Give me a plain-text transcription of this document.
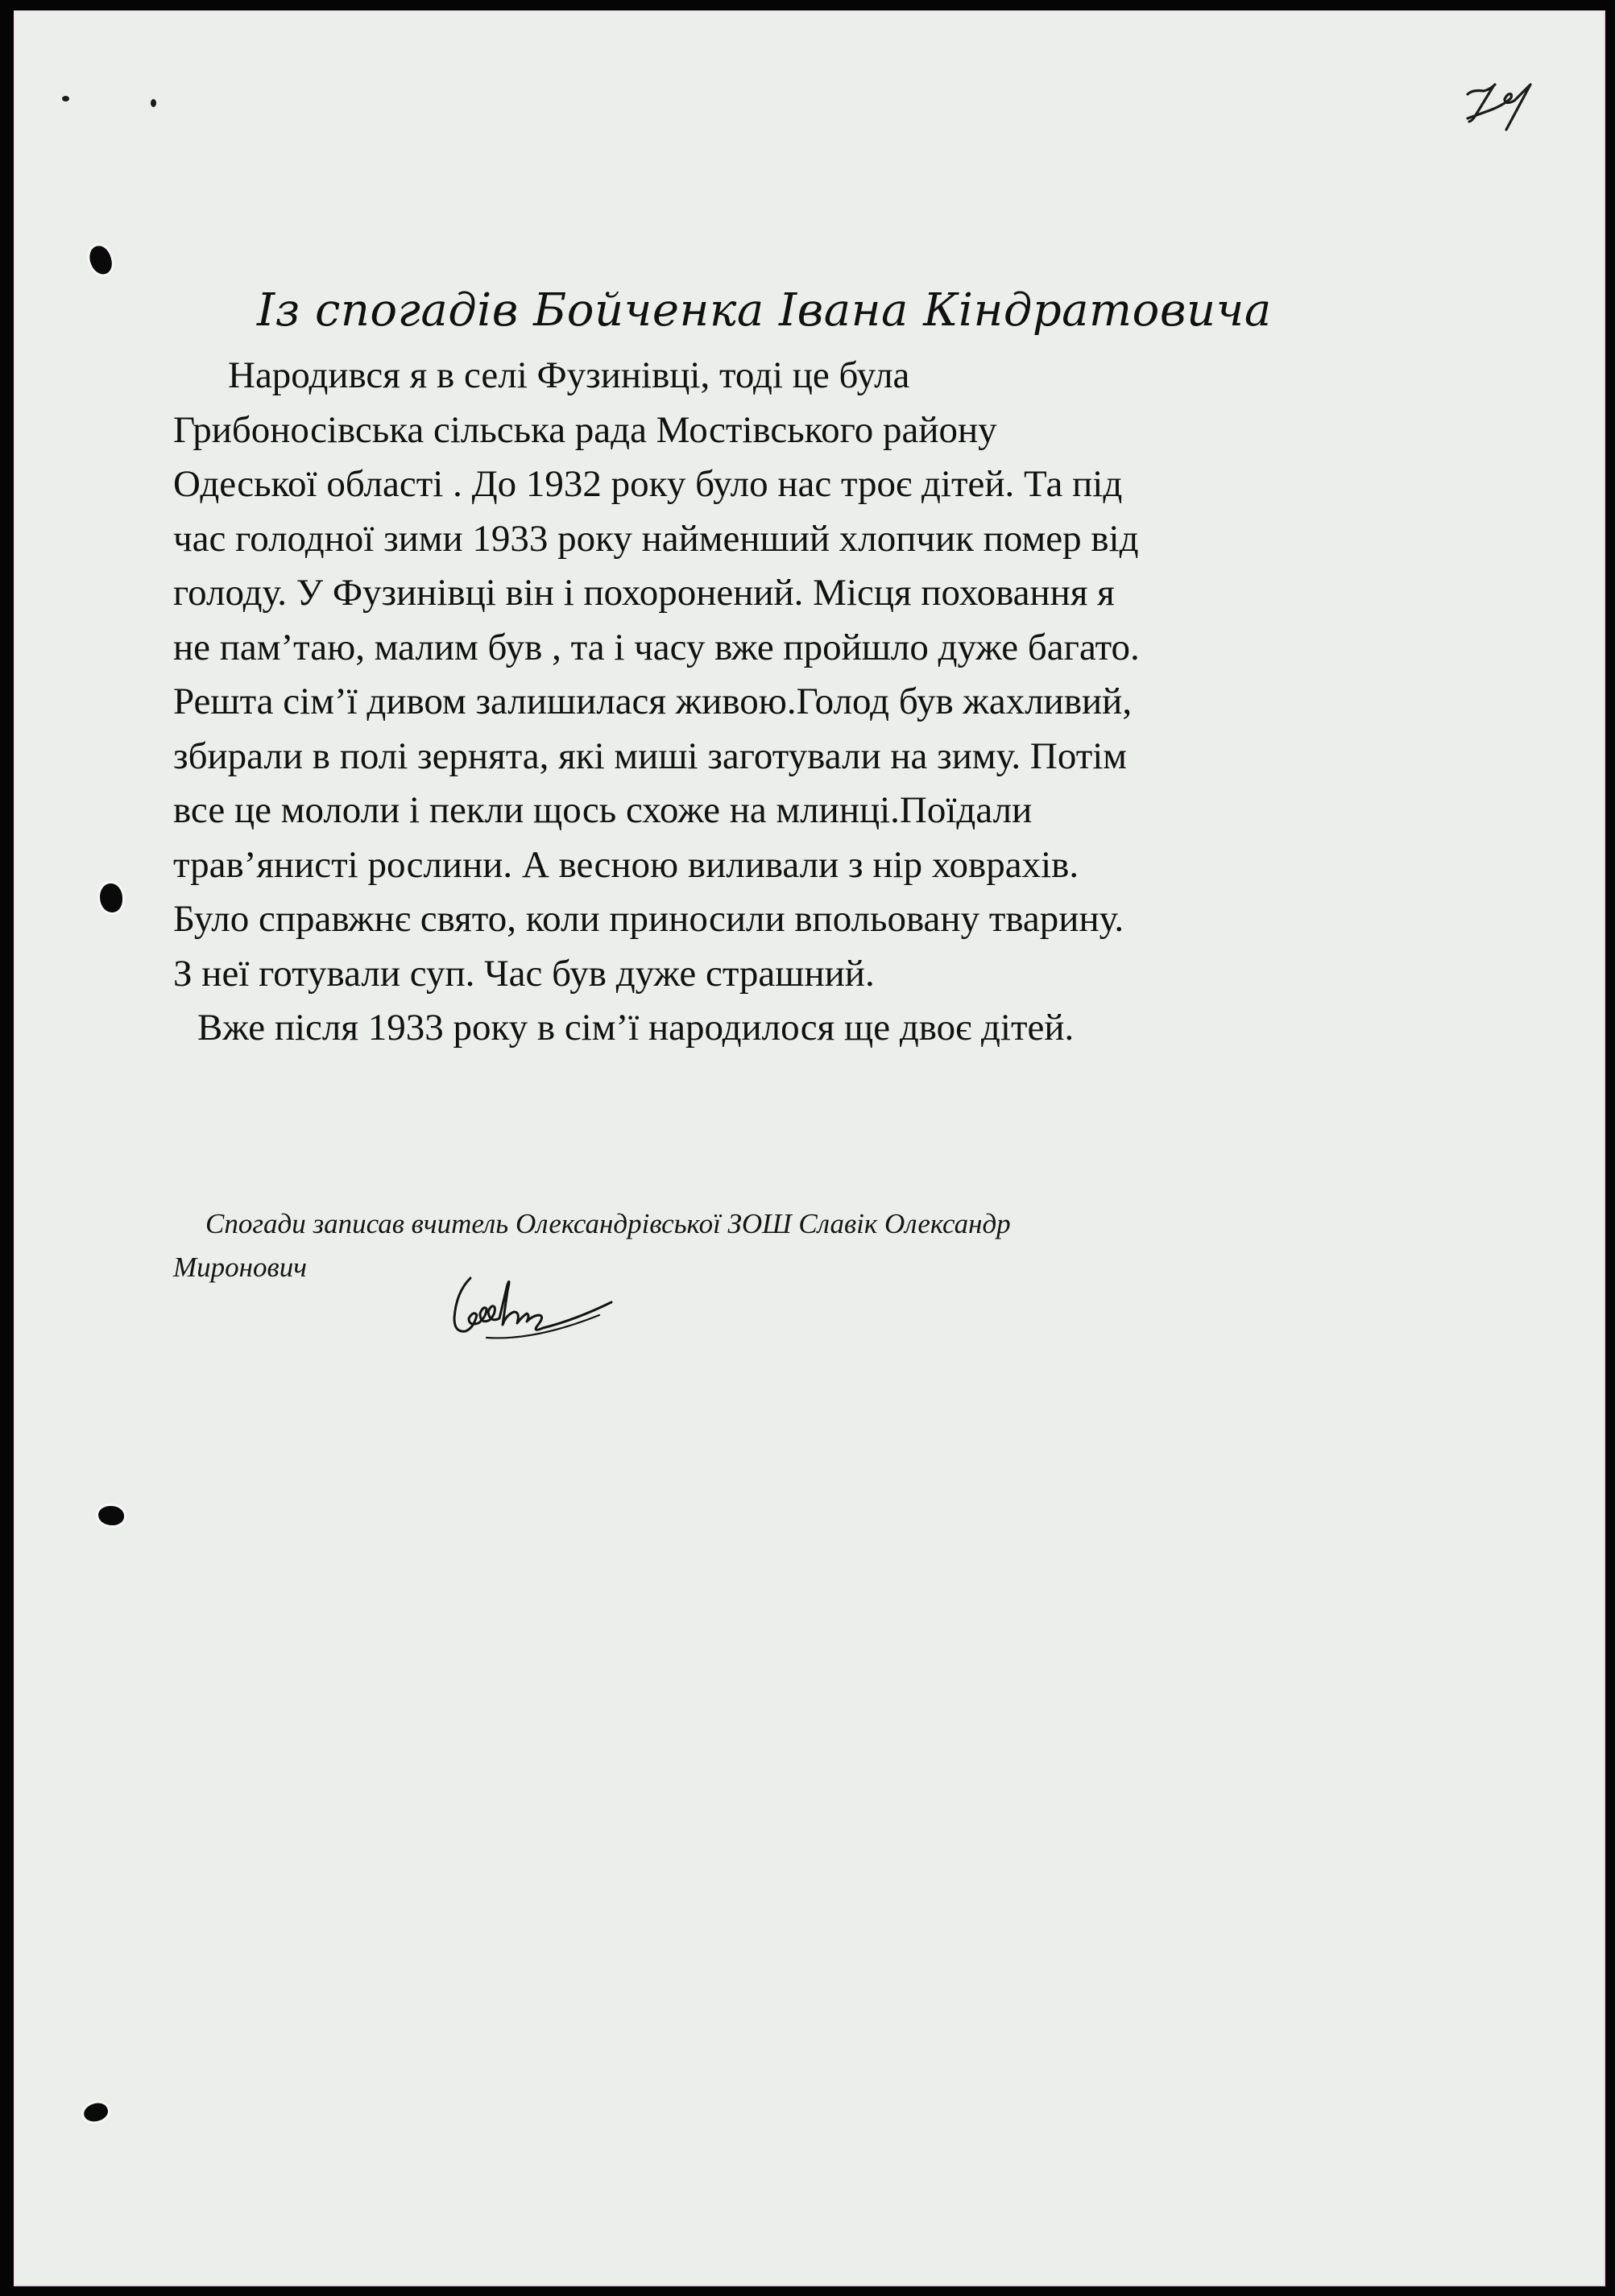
Із спогадів Бойченка Івана Кіндратовича
Народився я в селі Фузинівці, тоді це була
Грибоносівська сільська рада Мостівського району
Одеської області . До 1932 року було нас троє дітей. Та під
час голодної зими 1933 року найменший хлопчик помер від
голоду. У Фузинівці він і похоронений. Місця поховання я
не пам’таю, малим був , та і часу вже пройшло дуже багато.
Решта сім’ї дивом залишилася живою.Голод був жахливий,
збирали в полі зернята, які миші заготували на зиму. Потім
все це мололи і пекли щось схоже на млинці.Поїдали
трав’янисті рослини. А весною виливали з нір ховрахів.
Було справжнє свято, коли приносили впольовану тварину.
З неї готували суп. Час був дуже страшний.
Вже після 1933 року в сім’ї народилося ще двоє дітей.
Спогади записав вчитель Олександрівської ЗОШ Славік Олександр
Миронович
